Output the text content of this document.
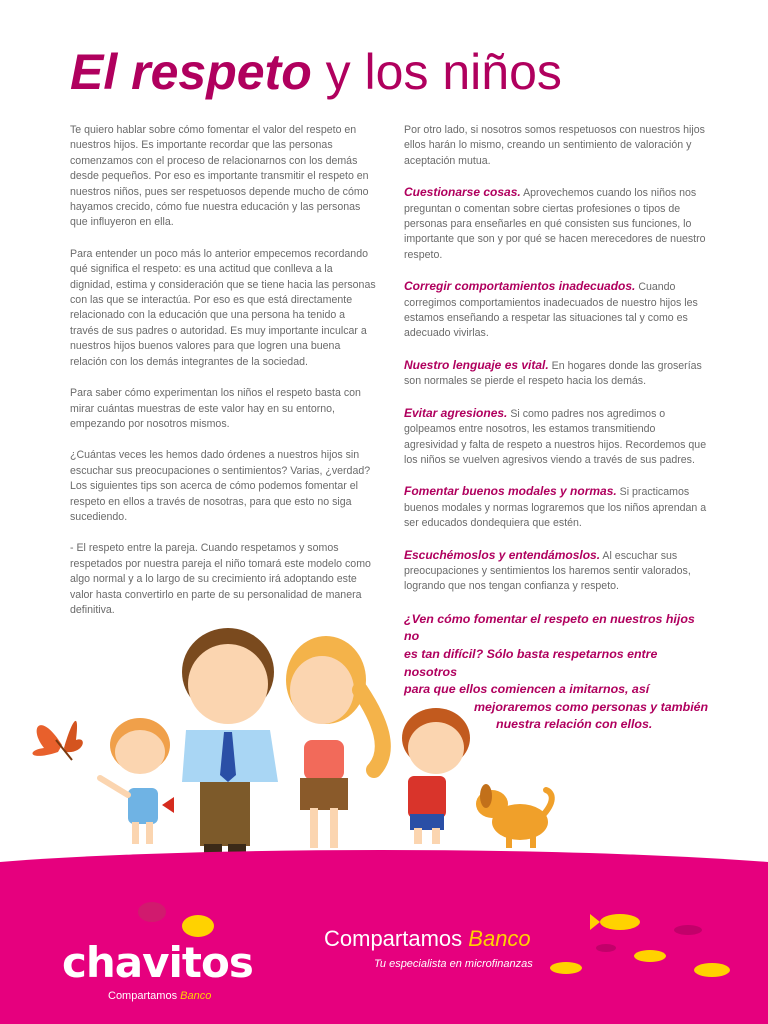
El respeto y los niños

Te quiero hablar sobre cómo fomentar el valor del respeto en nuestros hijos. Es importante recordar que las personas comenzamos con el proceso de relacionarnos con los demás desde pequeños. Por eso es importante transmitir el respeto en nuestros niños, pues ser respetuosos depende mucho de cómo hayamos crecido, cómo fue nuestra educación y las personas que influyeron en ella.

Para entender un poco más lo anterior empecemos recordando qué significa el respeto: es una actitud que conlleva a la dignidad, estima y consideración que se tiene hacia las personas con las que se interactúa. Por eso es que está directamente relacionado con la educación que una persona ha tenido a través de sus padres o autoridad. Es muy importante inculcar a nuestros hijos buenos valores para que logren una buena relación con los demás integrantes de la sociedad.

Para saber cómo experimentan los niños el respeto basta con mirar cuántas muestras de este valor hay en su entorno, empezando por nosotros mismos.

¿Cuántas veces les hemos dado órdenes a nuestros hijos sin escuchar sus preocupaciones o sentimientos? Varias, ¿verdad? Los siguientes tips son acerca de cómo podemos fomentar el respeto en ellos a través de nosotras, para que esto no siga sucediendo.

- El respeto entre la pareja. Cuando respetamos y somos respetados por nuestra pareja el niño tomará este modelo como algo normal y a lo largo de su crecimiento irá adoptando este valor hasta convertirlo en parte de su personalidad de manera definitiva.

Por otro lado, si nosotros somos respetuosos con nuestros hijos ellos harán lo mismo, creando un sentimiento de valoración y aceptación mutua.

Cuestionarse cosas. Aprovechemos cuando los niños nos preguntan o comentan sobre ciertas profesiones o tipos de personas para enseñarles en qué consisten sus funciones, lo importante que son y por qué se hacen merecedores de nuestro respeto.

Corregir comportamientos inadecuados. Cuando corregimos comportamientos inadecuados de nuestro hijos les estamos enseñando a respetar las situaciones tal y como es adecuado vivirlas.

Nuestro lenguaje es vital. En hogares donde las groserías son normales se pierde el respeto hacia los demás.

Evitar agresiones. Si como padres nos agredimos o golpeamos entre nosotros, les estamos transmitiendo agresividad y falta de respeto a nuestros hijos. Recordemos que los niños se vuelven agresivos viendo a través de sus padres.

Fomentar buenos modales y normas. Si practicamos buenos modales y normas lograremos que los niños aprendan a ser educados dondequiera que estén.

Escuchémoslos y entendámoslos. Al escuchar sus preocupaciones y sentimientos los haremos sentir valorados, logrando que nos tengan confianza y respeto.

¿Ven cómo fomentar el respeto en nuestros hijos no
es tan difícil? Sólo basta respetarnos entre nosotros
para que ellos comiencen a imitarnos, así
mejoraremos como personas y también
nuestra relación con ellos.
chavitos
Compartamos Banco
Compartamos Banco
Tu especialista en microfinanzas
